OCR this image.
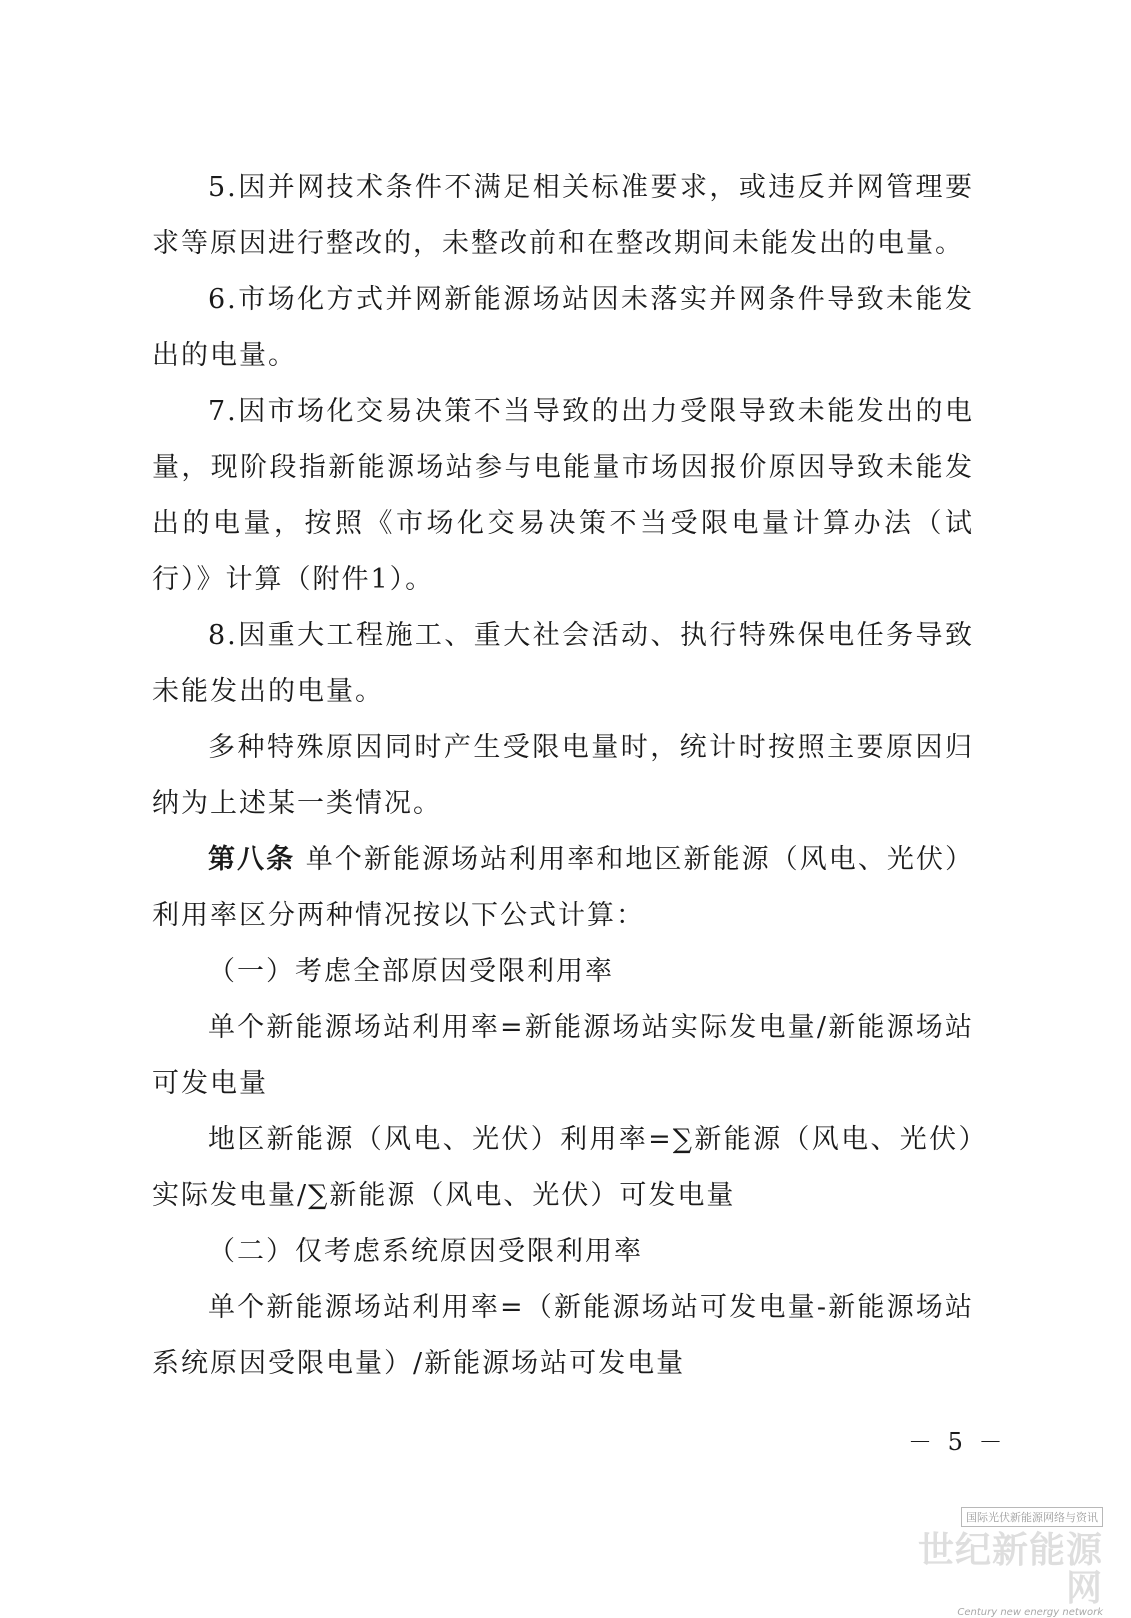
5.因并网技术条件不满足相关标准要求，或违反并网管理要求等原因进行整改的，未整改前和在整改期间未能发出的电量。

6.市场化方式并网新能源场站因未落实并网条件导致未能发出的电量。

7.因市场化交易决策不当导致的出力受限导致未能发出的电量，现阶段指新能源场站参与电能量市场因报价原因导致未能发出的电量，按照《市场化交易决策不当受限电量计算办法（试行）》计算（附件1）。

8.因重大工程施工、重大社会活动、执行特殊保电任务导致未能发出的电量。

多种特殊原因同时产生受限电量时，统计时按照主要原因归纳为上述某一类情况。

第八条 单个新能源场站利用率和地区新能源（风电、光伏）利用率区分两种情况按以下公式计算：

（一）考虑全部原因受限利用率

单个新能源场站利用率=新能源场站实际发电量/新能源场站可发电量

地区新能源（风电、光伏）利用率=∑新能源（风电、光伏）实际发电量/∑新能源（风电、光伏）可发电量

（二）仅考虑系统原因受限利用率

单个新能源场站利用率=（新能源场站可发电量-新能源场站系统原因受限电量）/新能源场站可发电量

－ 5 －
国际光伏新能源网络与资讯
世纪新能源网
Century new energy network
